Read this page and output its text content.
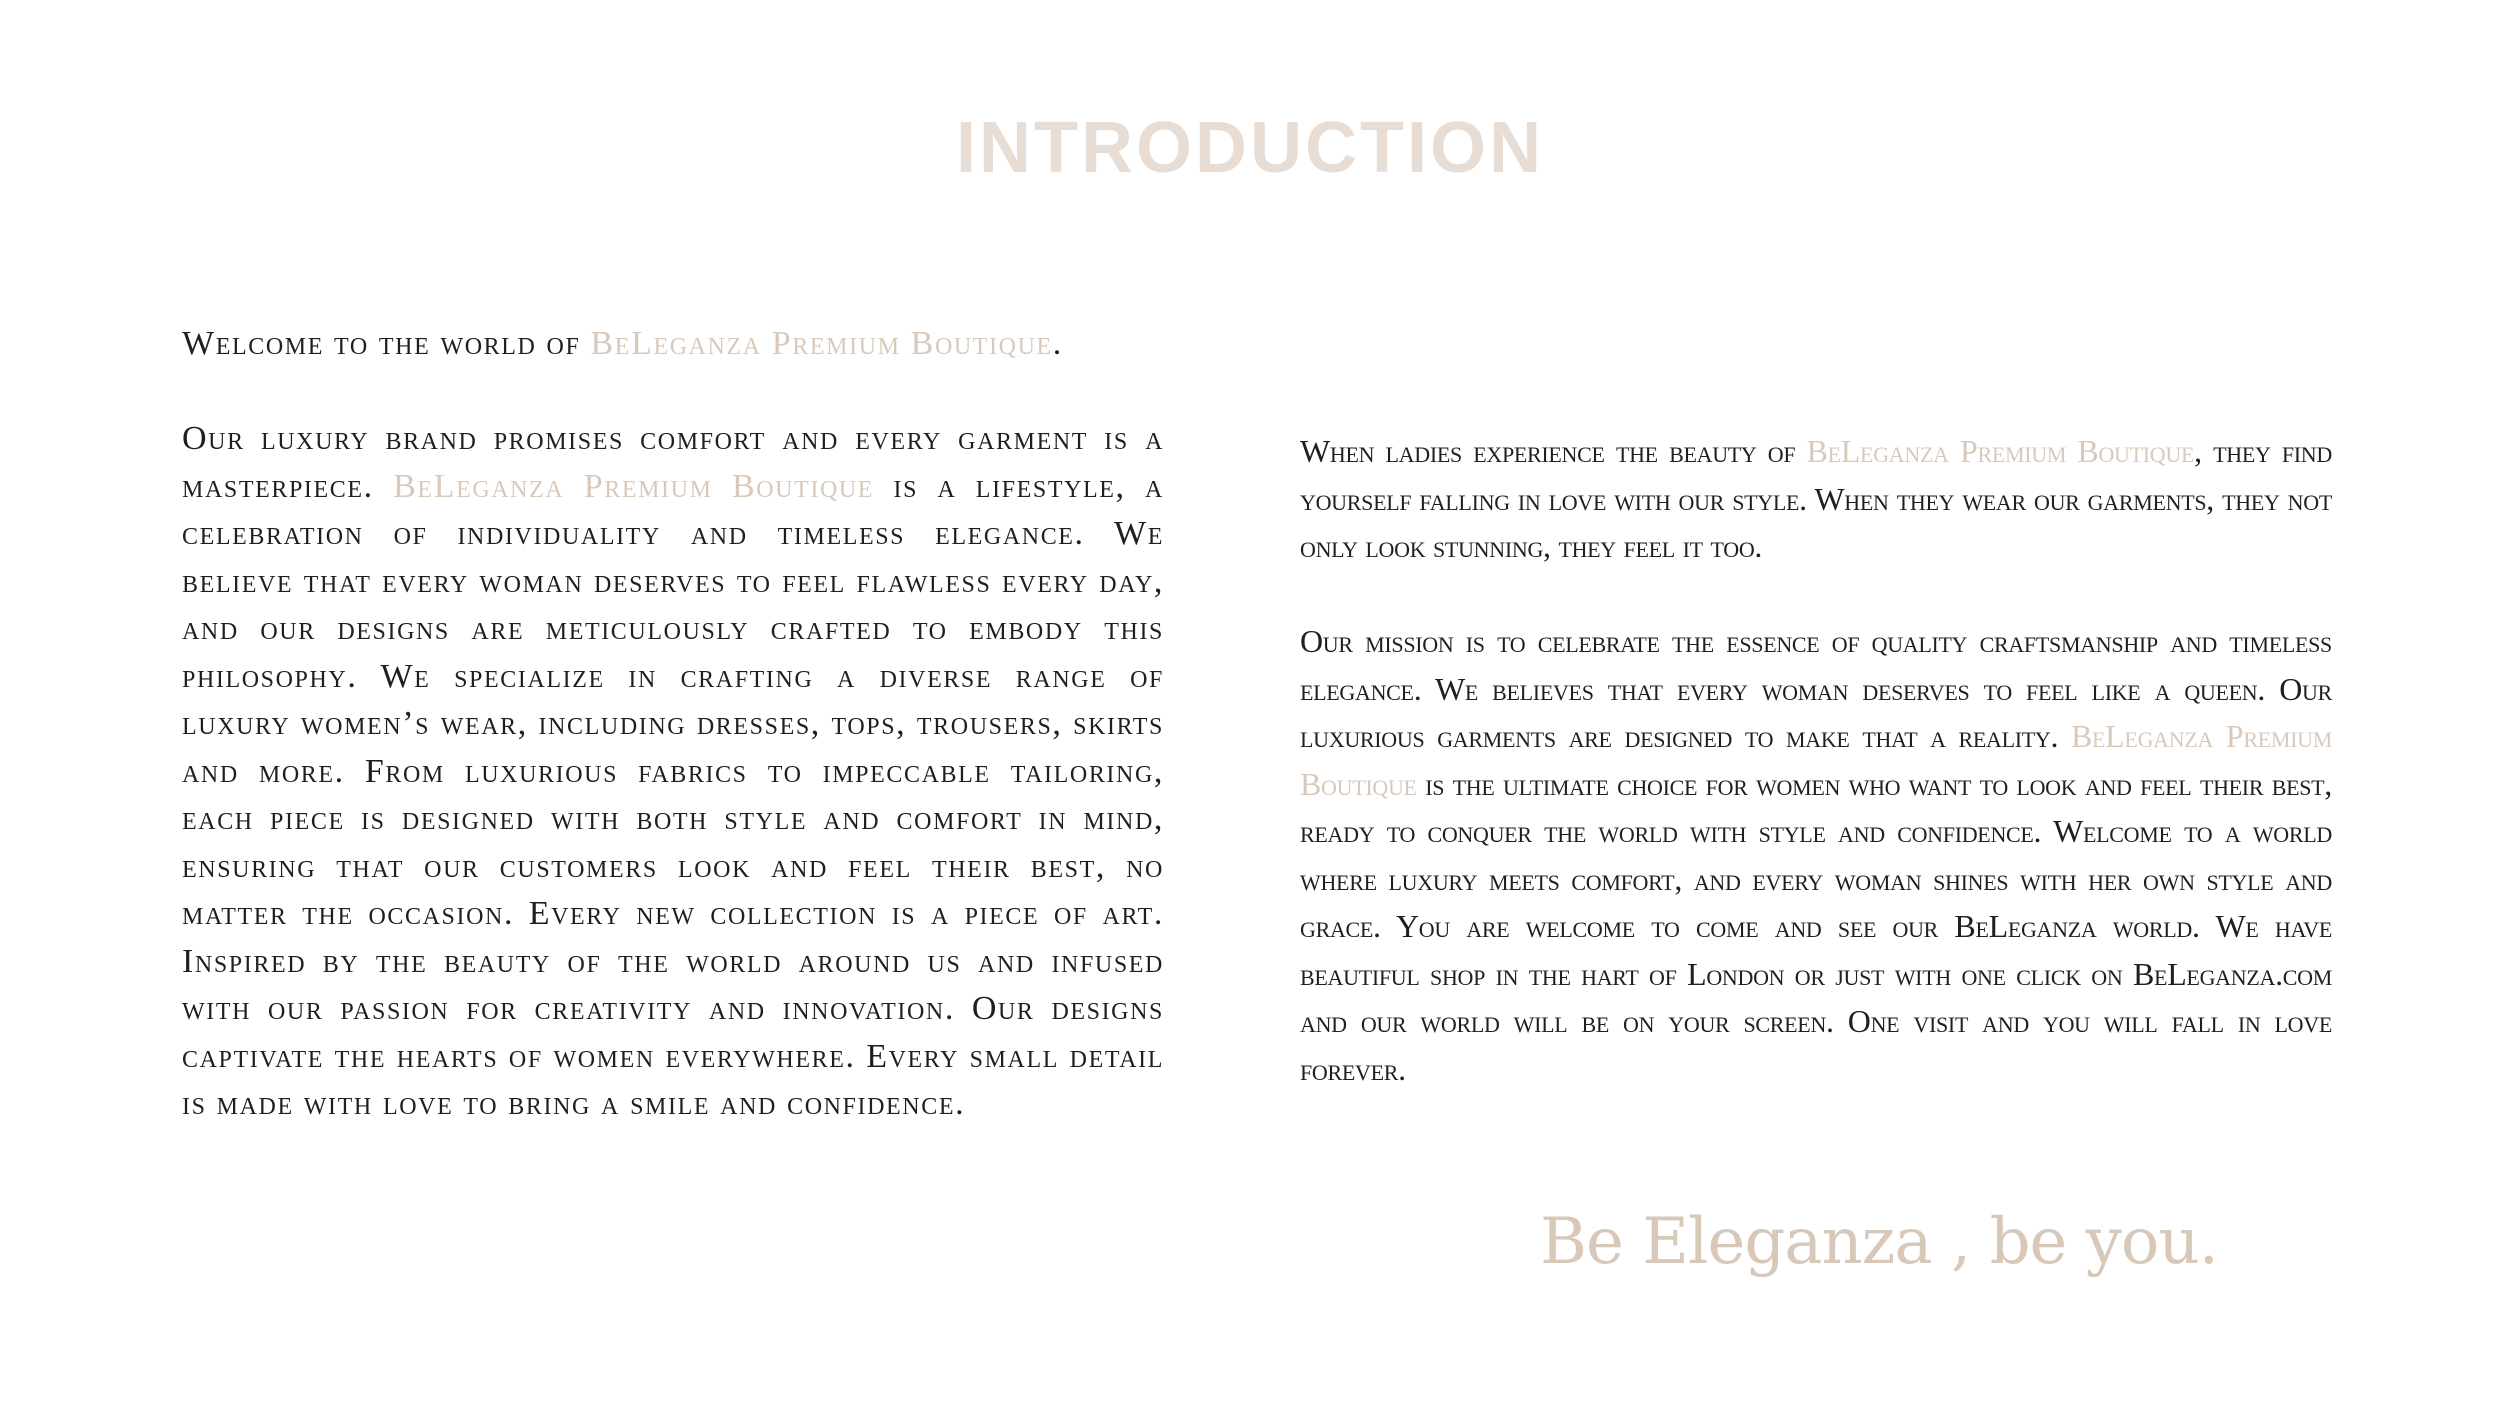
INTRODUCTION

Welcome to the world of BeLeganza Premium Boutique.

Our luxury brand promises comfort and every garment is a masterpiece. BeLeganza Premium Boutique is a lifestyle, a celebration of individuality and timeless elegance. We believe that every woman deserves to feel flawless every day, and our designs are meticulously crafted to embody this philosophy. We specialize in crafting a diverse range of luxury women’s wear, including dresses, tops, trousers, skirts and more. From luxurious fabrics to impeccable tailoring, each piece is designed with both style and comfort in mind, ensuring that our customers look and feel their best, no matter the occasion. Every new collection is a piece of art. Inspired by the beauty of the world around us and infused with our passion for creativity and innovation. Our designs captivate the hearts of women everywhere. Every small detail is made with love to bring a smile and confidence.

When ladies experience the beauty of BeLeganza Premium Boutique, they find yourself falling in love with our style. When they wear our garments, they not only look stunning, they feel it too.

Our mission is to celebrate the essence of quality craftsmanship and timeless elegance. We believes that every woman deserves to feel like a queen. Our luxurious garments are designed to make that a reality. BeLeganza Premium Boutique is the ultimate choice for women who want to look and feel their best, ready to conquer the world with style and confidence. Welcome to a world where luxury meets comfort, and every woman shines with her own style and grace. You are welcome to come and see our BeLeganza world. We have beautiful shop in the hart of London or just with one click on BeLeganza.com and our world will be on your screen. One visit and you will fall in love forever.

Be Eleganza , be you.
